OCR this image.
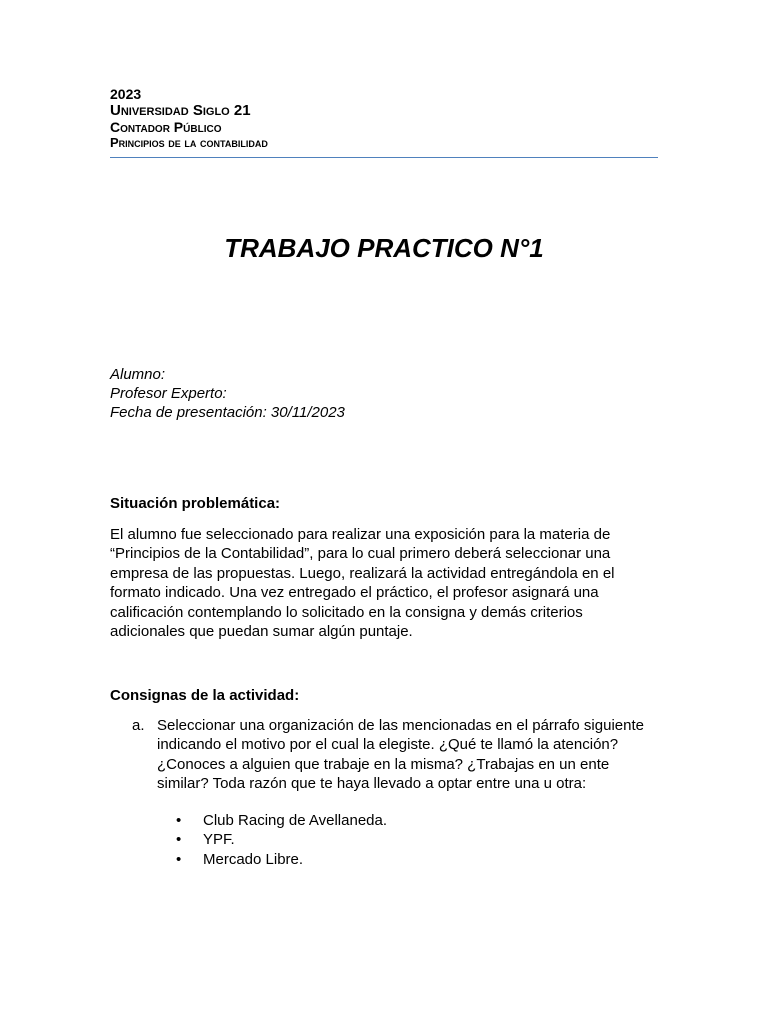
2023
Universidad Siglo 21
Contador Público
Principios de la contabilidad
TRABAJO PRACTICO N°1
Alumno:
Profesor Experto:
Fecha de presentación: 30/11/2023
Situación problemática:
El alumno fue seleccionado para realizar una exposición para la materia de “Principios de la Contabilidad”, para lo cual primero deberá seleccionar una empresa de las propuestas. Luego, realizará la actividad entregándola en el formato indicado. Una vez entregado el práctico, el profesor asignará una calificación contemplando lo solicitado en la consigna y demás criterios adicionales que puedan sumar algún puntaje.
Consignas de la actividad:
a. Seleccionar una organización de las mencionadas en el párrafo siguiente indicando el motivo por el cual la elegiste. ¿Qué te llamó la atención? ¿Conoces a alguien que trabaje en la misma? ¿Trabajas en un ente similar? Toda razón que te haya llevado a optar entre una u otra:
• Club Racing de Avellaneda.
• YPF.
• Mercado Libre.
